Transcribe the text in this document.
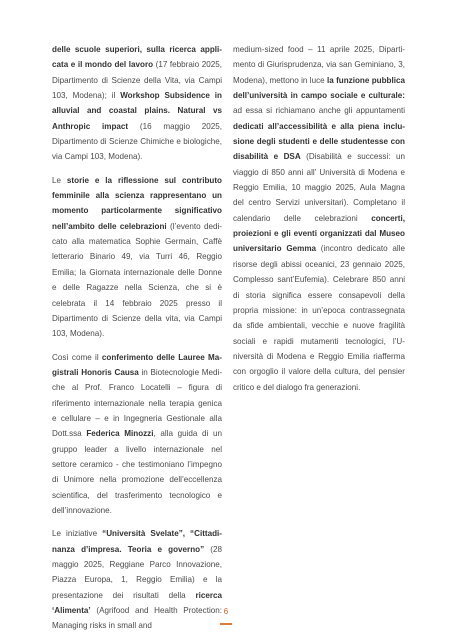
delle scuole superiori, sulla ricerca applicata e il mondo del lavoro (17 febbraio 2025, Dipartimento di Scienze della Vita, via Campi 103, Modena); il Workshop Subsidence in alluvial and coastal plains. Natural vs Anthropic impact (16 maggio 2025, Dipartimento di Scienze Chimiche e biologiche, via Campi 103, Modena).

Le storie e la riflessione sul contributo femminile alla scienza rappresentano un momento particolarmente significativo nell’ambito delle celebrazioni (l’evento dedicato alla matematica Sophie Germain, Caffè letterario Binario 49, via Turri 46, Reggio Emilia; la Giornata internazionale delle Donne e delle Ragazze nella Scienza, che si è celebrata il 14 febbraio 2025 presso il Dipartimento di Scienze della vita, via Campi 103, Modena).

Così come il conferimento delle Lauree Magistrali Honoris Causa in Biotecnologie Mediche al Prof. Franco Locatelli – figura di riferimento internazionale nella terapia genica e cellulare – e in Ingegneria Gestionale alla Dott.ssa Federica Minozzi, alla guida di un gruppo leader a livello internazionale nel settore ceramico - che testimoniano l’impegno di Unimore nella promozione dell’eccellenza scientifica, del trasferimento tecnologico e dell’innovazione.

Le iniziative “Università Svelate”, “Cittadinanza d’impresa. Teoria e governo” (28 maggio 2025, Reggiane Parco Innovazione, Piazza Europa, 1, Reggio Emilia) e la presentazione dei risultati della ricerca ‘Alimenta’ (Agrifood and Health Protection: Managing risks in small and

medium-sized food – 11 aprile 2025, Dipartimento di Giurisprudenza, via san Geminiano, 3, Modena), mettono in luce la funzione pubblica dell’università in campo sociale e culturale: ad essa si richiamano anche gli appuntamenti dedicati all’accessibilità e alla piena inclusione degli studenti e delle studentesse con disabilità e DSA (Disabilità e successi: un viaggio di 850 anni all’ Università di Modena e Reggio Emilia, 10 maggio 2025, Aula Magna del centro Servizi universitari). Completano il calendario delle celebrazioni concerti, proiezioni e gli eventi organizzati dal Museo universitario Gemma (incontro dedicato alle risorse degli abissi oceanici, 23 gennaio 2025, Complesso sant’Eufemia). Celebrare 850 anni di storia significa essere consapevoli della propria missione: in un’epoca contrassegnata da sfide ambientali, vecchie e nuove fragilità sociali e rapidi mutamenti tecnologici, l’Università di Modena e Reggio Emilia riafferma con orgoglio il valore della cultura, del pensier critico e del dialogo fra generazioni.

6
